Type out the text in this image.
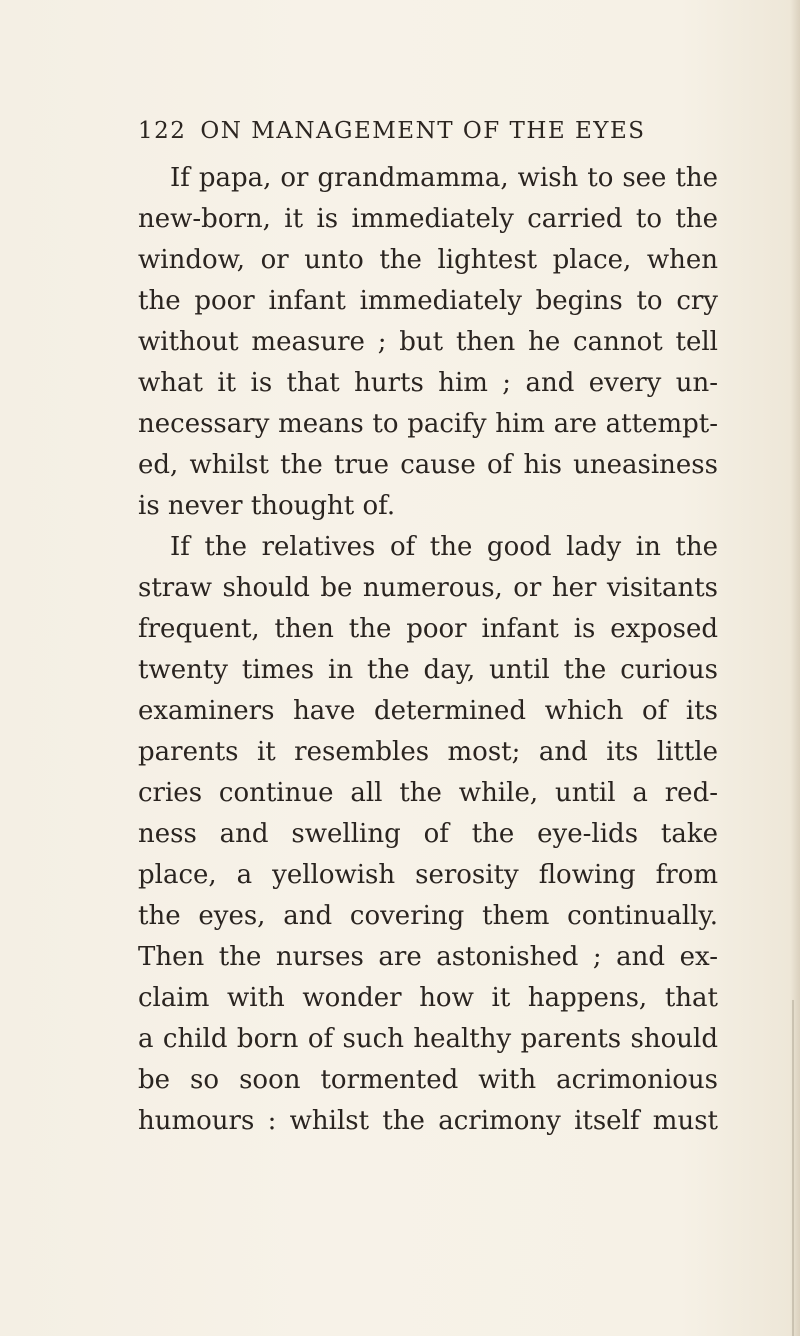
122 ON MANAGEMENT OF THE EYES
If papa, or grandmamma, wish to see the
new-born, it is immediately carried to the
window, or unto the lightest place, when
the poor infant immediately begins to cry
without measure ; but then he cannot tell
what it is that hurts him ; and every un-
necessary means to pacify him are attempt-
ed, whilst the true cause of his uneasiness
is never thought of.
If the relatives of the good lady in the
straw should be numerous, or her visitants
frequent, then the poor infant is exposed
twenty times in the day, until the curious
examiners have determined which of its
parents it resembles most; and its little
cries continue all the while, until a red-
ness and swelling of the eye-lids take
place, a yellowish serosity flowing from
the eyes, and covering them continually.
Then the nurses are astonished ; and ex-
claim with wonder how it happens, that
a child born of such healthy parents should
be so soon tormented with acrimonious
humours : whilst the acrimony itself must
